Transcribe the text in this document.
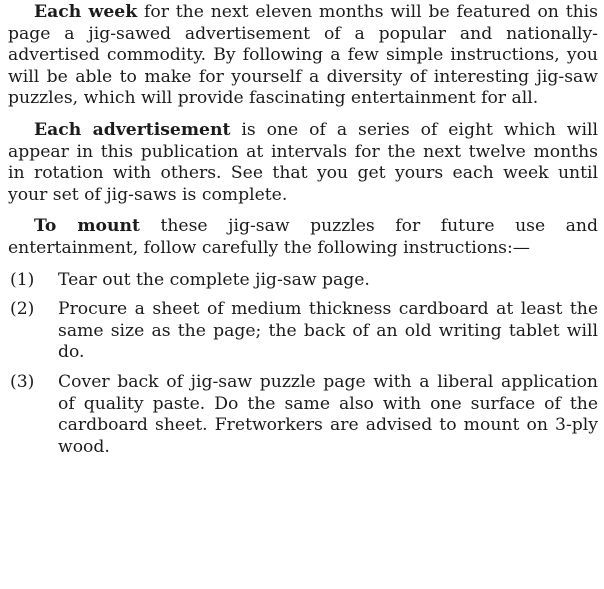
Each week for the next eleven months will be featured on this page a jig-sawed advertisement of a popular and nationally-advertised commodity. By following a few simple instructions, you will be able to make for yourself a diversity of interesting jig-saw puzzles, which will provide fascinating entertainment for all.

Each advertisement is one of a series of eight which will appear in this publication at intervals for the next twelve months in rotation with others. See that you get yours each week until your set of jig-saws is complete.

To mount these jig-saw puzzles for future use and entertainment, follow carefully the following instructions:—

(1)	Tear out the complete jig-saw page.
(2)	Procure a sheet of medium thickness cardboard at least the same size as the page; the back of an old writing tablet will do.
(3)	Cover back of jig-saw puzzle page with a liberal application of quality paste. Do the same also with one surface of the cardboard sheet. Fretworkers are advised to mount on 3-ply wood.
